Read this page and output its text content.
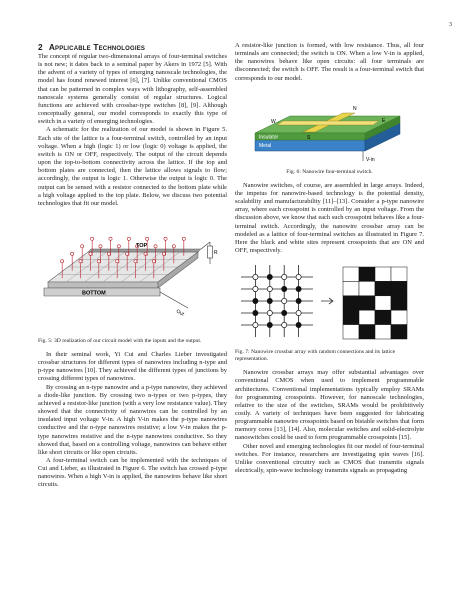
3
2 Applicable Technologies

The concept of regular two-dimensional arrays of four-terminal switches is not new; it dates back to a seminal paper by Akers in 1972 [5]. With the advent of a variety of types of emerging nanoscale technologies, the model has found renewed interest [6], [7]. Unlike conventional CMOS that can be patterned in complex ways with lithography, self-assembled nanoscale systems generally consist of regular structures. Logical functions are achieved with crossbar-type switches [8], [9]. Although conceptually general, our model corresponds to exactly this type of switch in a variety of emerging technologies.

A schematic for the realization of our model is shown in Figure 5. Each site of the lattice is a four-terminal switch, controlled by an input voltage. When a high (logic 1) or low (logic 0) voltage is applied, the switch is ON or OFF, respectively. The output of the circuit depends upon the top-to-bottom connectivity across the lattice. If the top and bottom plates are connected, then the lattice allows signals to flow; accordingly, the output is logic 1. Otherwise the output is logic 0. The output can be sensed with a resistor connected to the bottom plate while a high voltage applied to the top plate. Below, we discuss two potential technologies that fit our model.

TOP
BOTTOM
R
Out
Fig. 5: 3D realization of our circuit model with the inputs and the output.

In their seminal work, Yi Cui and Charles Lieber investigated crossbar structures for different types of nanowires including n-type and p-type nanowires [10]. They achieved the different types of junctions by crossing different types of nanowires.

By crossing an n-type nanowire and a p-type nanowire, they achieved a diode-like junction. By crossing two n-types or two p-types, they achieved a resistor-like junction (with a very low resistance value). They showed that the connectivity of nanowires can be controlled by an insulated input voltage V-in. A high V-in makes the p-type nanowires conductive and the n-type nanowires resistive; a low V-in makes the p-type nanowires resistive and the n-type nanowires conductive. So they showed that, based on a controlling voltage, nanowires can behave either like short circuits or like open circuits.

A four-terminal switch can be implemented with the techniques of Cui and Lieber, as illustrated in Figure 6. The switch has crossed p-type nanowires. When a high V-in is applied, the nanowires behave like short circuits.

A resistor-like junction is formed, with low resistance. Thus, all four terminals are connected; the switch is ON. When a low V-in is applied, the nanowires behave like open circuits: all four terminals are disconnected; the switch is OFF. The result is a four-terminal switch that corresponds to our model.

N
W	E
S
Insulator
Metal
V-in
Fig. 6: Nanowire four-terminal switch.

Nanowire switches, of course, are assembled in large arrays. Indeed, the impetus for nanowire-based technology is the potential density, scalability and manufacturability [11]–[13]. Consider a p-type nanowire array, where each crosspoint is controlled by an input voltage. From the discussion above, we know that each such crosspoint behaves like a four-terminal switch. Accordingly, the nanowire crossbar array can be modeled as a lattice of four-terminal switches as illustrated in Figure 7. Here the black and white sites represent crosspoints that are ON and OFF, respectively.

Fig. 7: Nanowire crossbar array with random connections and its lattice representation.

Nanowire crossbar arrays may offer substantial advantages over conventional CMOS when used to implement programmable architectures. Conventional implementations typically employ SRAMs for programming crosspoints. However, for nanoscale technologies, relative to the size of the switches, SRAMs would be prohibitively costly. A variety of techniques have been suggested for fabricating programmable nanowire crosspoints based on bistable switches that form memory cores [13], [14]. Also, molecular switches and solid-electrolyte nanoswitches could be used to form programmable crosspoints [15].

Other novel and emerging technologies fit our model of four-terminal switches. For instance, researchers are investigating spin waves [16]. Unlike conventional circuitry such as CMOS that transmits signals electrically, spin-wave technology transmits signals as propagating
